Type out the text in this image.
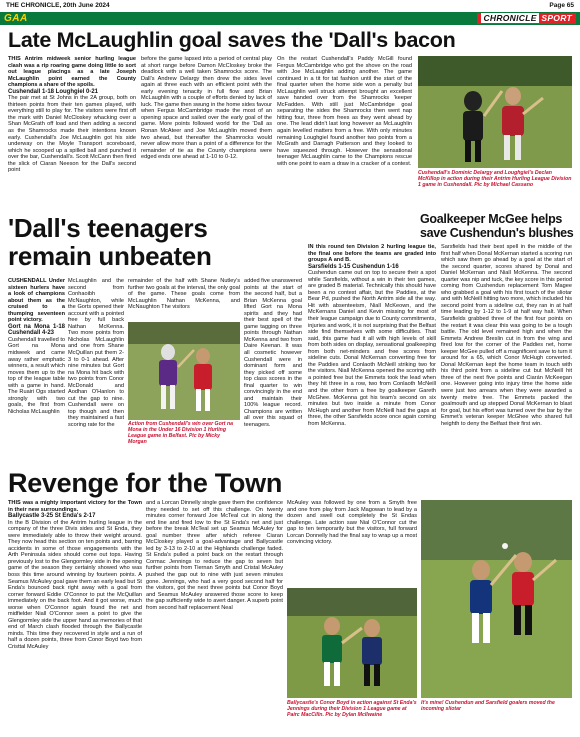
THE CHRONICLE, 20th June 2024	Page 65
GAA	CHRONICLE SPORT
Late McLaughlin goal saves the 'Dall's bacon

THIS Antrim midweek senior hurling league clash was a rip roaring game doing little to sort out league placings as a late Joseph McLaughlin point earned the County champions a share of the spoils.

Cushendall 1-18 Loughgiel 0-21

The pair met at St Johns in the 2A group, both on thirteen points from their ten games played, with everything still to play for. The visitors were first off the mark with Daniel McCloskey whacking over a Shan McGrath off load and then adding a second as the Shamrocks made their intentions known early. Cushendall's Joe McLaughlin got his side underway on the Moyle Transport scoreboard, which he scooped up a spilled ball and punched it over the bar, Cushendall's. Scott McCann then fired the slick of Ciaran Neeson for the Dall's second point

before the game lapsed into a period of central play at short range before Damon McCloskey broke the deadlock with a well taken Shamrocks score. The Dall's Andrew Delargy then drew the sides level again at three each with an efficient point with the early evening tenacity in full flow and Brian McLaughlin with a couple of efforts denied by lack of luck. The game then swung in the home sides favour when Fergus McCambridge made the most of an opening space and sailed over the early goal of the game. More points followed world for the 'Dall as Ronan McAteer and Joe McLaughlin moved them two ahead, but thereafter the Shamrocks would never allow more than a point of a difference for the remainder of tie as the County champions were edged ends one ahead at 1-10 to 0-12.

On the restart Cushendall's Paddy McGill found Fergus McCambridge who got the shove on the road with Joe McLaughlin adding another. The game continued in a tit for tat fashion until the start of the final quarter when the home side won a penalty but McLaughlin well struck attempt brought an excellent save handed over from the Shamrocks 'keeper McFadden. With still just McCambridge goal separating the sides the Shamrocks then went nap hitting four, three from frees as they went ahead by one. The lead didn't last long however as McLaughlin again levelled matters from a free. With only minutes remaining Loughgiel found another two points from a McGrath and Darragh Patterson and they looked to have squeezed through. However the sensational teenager McLaughlin came to the Champions rescue with one point to earn a draw in a cracker of a contest.

Cushendall's Dominic Delargy and Loughgiel's Declan McKillop in action during their Antrim Hurling League Division 1 game in Cushendall. Pic by Michael Cassano
'Dall's teenagers
remain unbeaten

CUSHENDALL Under sixteen hurlers have a look of champions about them as the cruised to a thumping seventeen point victory.

Gort na Mona 1-18 Cushendall 4-23

Cushendall travelled to Gort na Mona midweek and came away rather emphatic winners, a result which moves them up to the top of the league table with a game in hand. The Ruairi Ogs started strongly with two goals, the first from Nicholas McLaughlin

McLaughlin and the second from Conhaoibh McNaughton, while the Gorts opened their account with a pointed free by full back Nathan McKenna. Two more points from Nicholas McLaughlin and one from Shane McQuillan put them 2-3 to 0-1 ahead. After nine minutes but Gort na Mona hit back with two points from Conor McDonald and Aodhan O'Hanlon to cut the gap to nine. Cushendall were on top though and then they maintained a fast scoring rate for the

remainder of the half with Shane Nutley's further two goals at the interval, the only goal of the game. These goals come from McLaughlin Nathan McKenna, and McNaughton The visitors

added five unanswered points at the start of the second half, but a Brian McKenna goal lifted Gort na Mona spirits and they had their best spell of the game tagging on three points through Nathan McKenna and two from Daire Keenan. It was all cosmetic however Cushendall were in dominant form and they picked off some top class scores in the final quarter to win convincingly in the end and maintain their 100% league record. Champions are written all over this squad of teenagers.

Action from Cushendall's win over Gort na Mona in the Under 16 Division 1 Hurling League game in Belfast. Pic by Micky Morgan
Goalkeeper McGee helps
save Cushendun's blushes

IN this round ten Division 2 hurling league tie, the final one before the teams are graded into groups A and B.

Sarsfields 1-15 Cushendun 1-16

Cushendun came out on top to secure their a spot while Sarsfields, without a win in their ten games, are graded B material. Technically this should have been a no contest affair, but the Paddies, at the Bear Pd, pushed the North Antrim side all the way. Hit with absenteeism, Niall McKeown, and the McKernans Daniel and Kevin missing for most of their league campaign due to County commitments, injuries and work, it is not surprising that the Belfast side find themselves with some difficulties. That said, this game had it all with high levels of skill from both sides on display, sensational goalkeeping from both net-minders and free scores from sideline cuts. Donal McKernan converting free for the Paddies and Conlaoth McNeill striking two for the visitors. Niall McKenna opened the scoring with a pointed free but the Emmets took the lead when they hit three in a row, two from Conlaoth McNeill and the other from a free by goalkeeper Gareth McGhee. McKenna got his team's second on six minutes but two inside a minute from Conor McHugh and another from McNeill had the gaps at three, the other Sarsfields score once again coming from McKenna.

Sarsfields had their best spell in the middle of the first half when Donal McKernan started a scoring run which saw them go ahead by a goal at the start of the second quarter, scores shared by Donal and Daniel McKernan and Niall McKenna. The second quarter was nip and tuck, the key score in this period coming from Cushendun replacement Tom Magee who grabbed a goal with his first touch of the sliotar and with McNeill hitting two more, which included his second point from a sideline cut, they ran in at half time leading by 1-12 to 1-9 at half way halt. When Sarsfields grabbed three of the first four points on the restart it was clear this was going to be a tough battle. The old level remained high and when the Emmets Andrew Breslin cut in from the wing and fired low for the corner of the Paddies net, home keeper McGee pulled off a magnificent save to turn it around for a 65, which Conor McHugh converted. Donal McKernan kept the home team in touch with his third point from a sideline cut but McNeill hit three of the next five points and Ciarán McKeegan one. However going into injury time the home side were just two arrears when they were awarded a twenty metre free. The Emmets packed the goalmouth and up stepped Donal McKernan to blast for goal, but his effort was turned over the bar by the Emmet's veteran keeper McGhee who shared full heighth to deny the Belfast their first win.

Revenge for the Town

THIS was a mighty important victory for the Town in their new surroundings.

Ballycastle 3-25 St Enda's 2-17

In the B Division of the Antrim hurling league in the company of the three Divis sides and St Enda, they were immediately able to throw their weight around. They now head this section on ten points and, barring accidents in some of those engagements with the Arth Peninsula sides should come out tops. Having previously lost to the Glengormley side in the opening game of the season they certainly showed who was boss this time around winning by fourteen points. A Seamus McAuley goal gave them an early lead but St Enda's bounced back right away with a goal from corner forward Eddie O'Connor to put the McQuillan immediately on the back foot. And it got worse, much worse when O'Connor again found the net and midfielder Niall O'Connor seen a point to give the Glengormley side the upper hand as memories of that end of March clash flooded through the Ballycastle minds. This time they recovered in style and a run of half a dozen points, three from Conor Boyd two from Cristtal McAuley

and a Lorcan Dinnelly single gave them the confidence they needed to set off this challenge. On twenty minutes corner forward Joe McTeal cut in along the end line and fired low to the St Enda's net and just before the break McTeal set up Seamus McAuley for goal number three after which referee Ciaran McCloskey played a goal-advantage and Ballycastle led by 3-13 to 2-10 at the Highlands challenge faded. St Enda's pulled a point back on the restart through Cormac Jennings to reduce the gap to seven but further points from Tiernan Smyth and Cristal McAuley pushed the gap out to nine with just seven minutes gone. Jennings, who had a very good second half for the visitors, got the next three points but Conor Boyd and Seamus McAuley answered those score to keep the gap sufficiently wide to avert danger. A superb point from second half replacement Neal

McAuley was followed by one from a Smyth free and one from play from Jack Magowan to lead by a dozen and swell out completely the St Endas challenge. Late action saw Nial O'Connor cut the gap to ten temporarily but the visitors, full forward Lorcan Donnelly had the final say to wrap up a most convincing victory.

Ballycastle's Conor Boyd in action against St Enda's Jennings during their Division 1 League game at Pairc MacCilln. Pic by Dylan McIlwaine
It's mine! Cushendun and Sarsfield goalers moved the incoming sliotar
